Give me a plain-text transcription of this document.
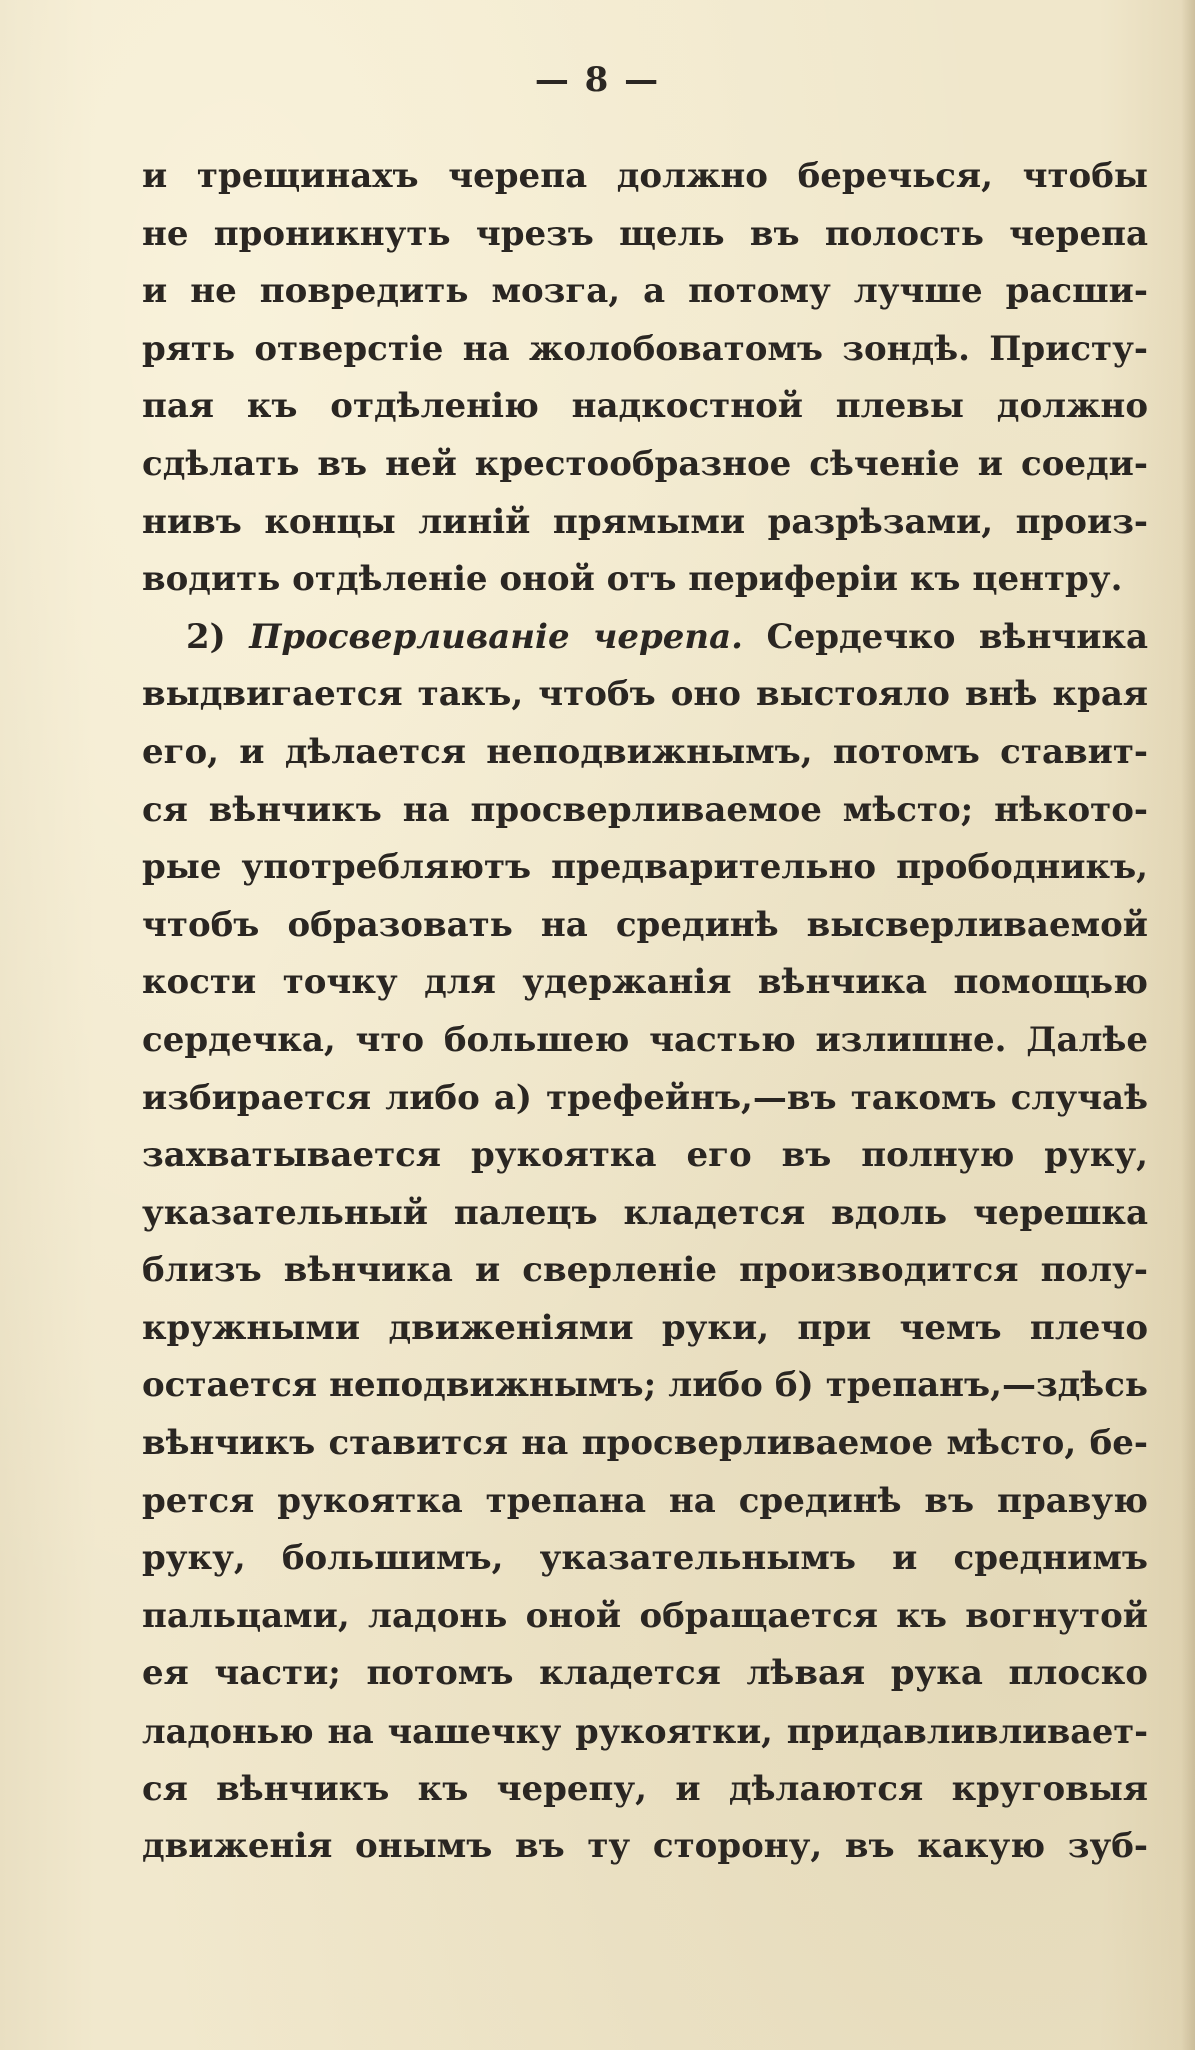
— 8 —
и трещинахъ черепа должно беречься, чтобы
не проникнуть чрезъ щель въ полость черепа
и не повредить мозга, а потому лучше расши-
рять отверстіе на жолобоватомъ зондѣ. Присту-
пая къ отдѣленію надкостной плевы должно
сдѣлать въ ней крестообразное сѣченіе и соеди-
нивъ концы линій прямыми разрѣзами, произ-
водить отдѣленіе оной отъ периферіи къ центру.
2) Просверливаніе черепа. Сердечко вѣнчика
выдвигается такъ, чтобъ оно выстояло внѣ края
его, и дѣлается неподвижнымъ, потомъ ставит-
ся вѣнчикъ на просверливаемое мѣсто; нѣкото-
рые употребляютъ предварительно прободникъ,
чтобъ образовать на срединѣ высверливаемой
кости точку для удержанія вѣнчика помощью
сердечка, что большею частью излишне. Далѣе
избирается либо а) трефейнъ,—въ такомъ случаѣ
захватывается рукоятка его въ полную руку,
указательный палецъ кладется вдоль черешка
близъ вѣнчика и сверленіе производится полу-
кружными движеніями руки, при чемъ плечо
остается неподвижнымъ; либо б) трепанъ,—здѣсь
вѣнчикъ ставится на просверливаемое мѣсто, бе-
рется рукоятка трепана на срединѣ въ правую
руку, большимъ, указательнымъ и среднимъ
пальцами, ладонь оной обращается къ вогнутой
ея части; потомъ кладется лѣвая рука плоско
ладонью на чашечку рукоятки, придавливливает-
ся вѣнчикъ къ черепу, и дѣлаются круговыя
движенія онымъ въ ту сторону, въ какую зуб-
